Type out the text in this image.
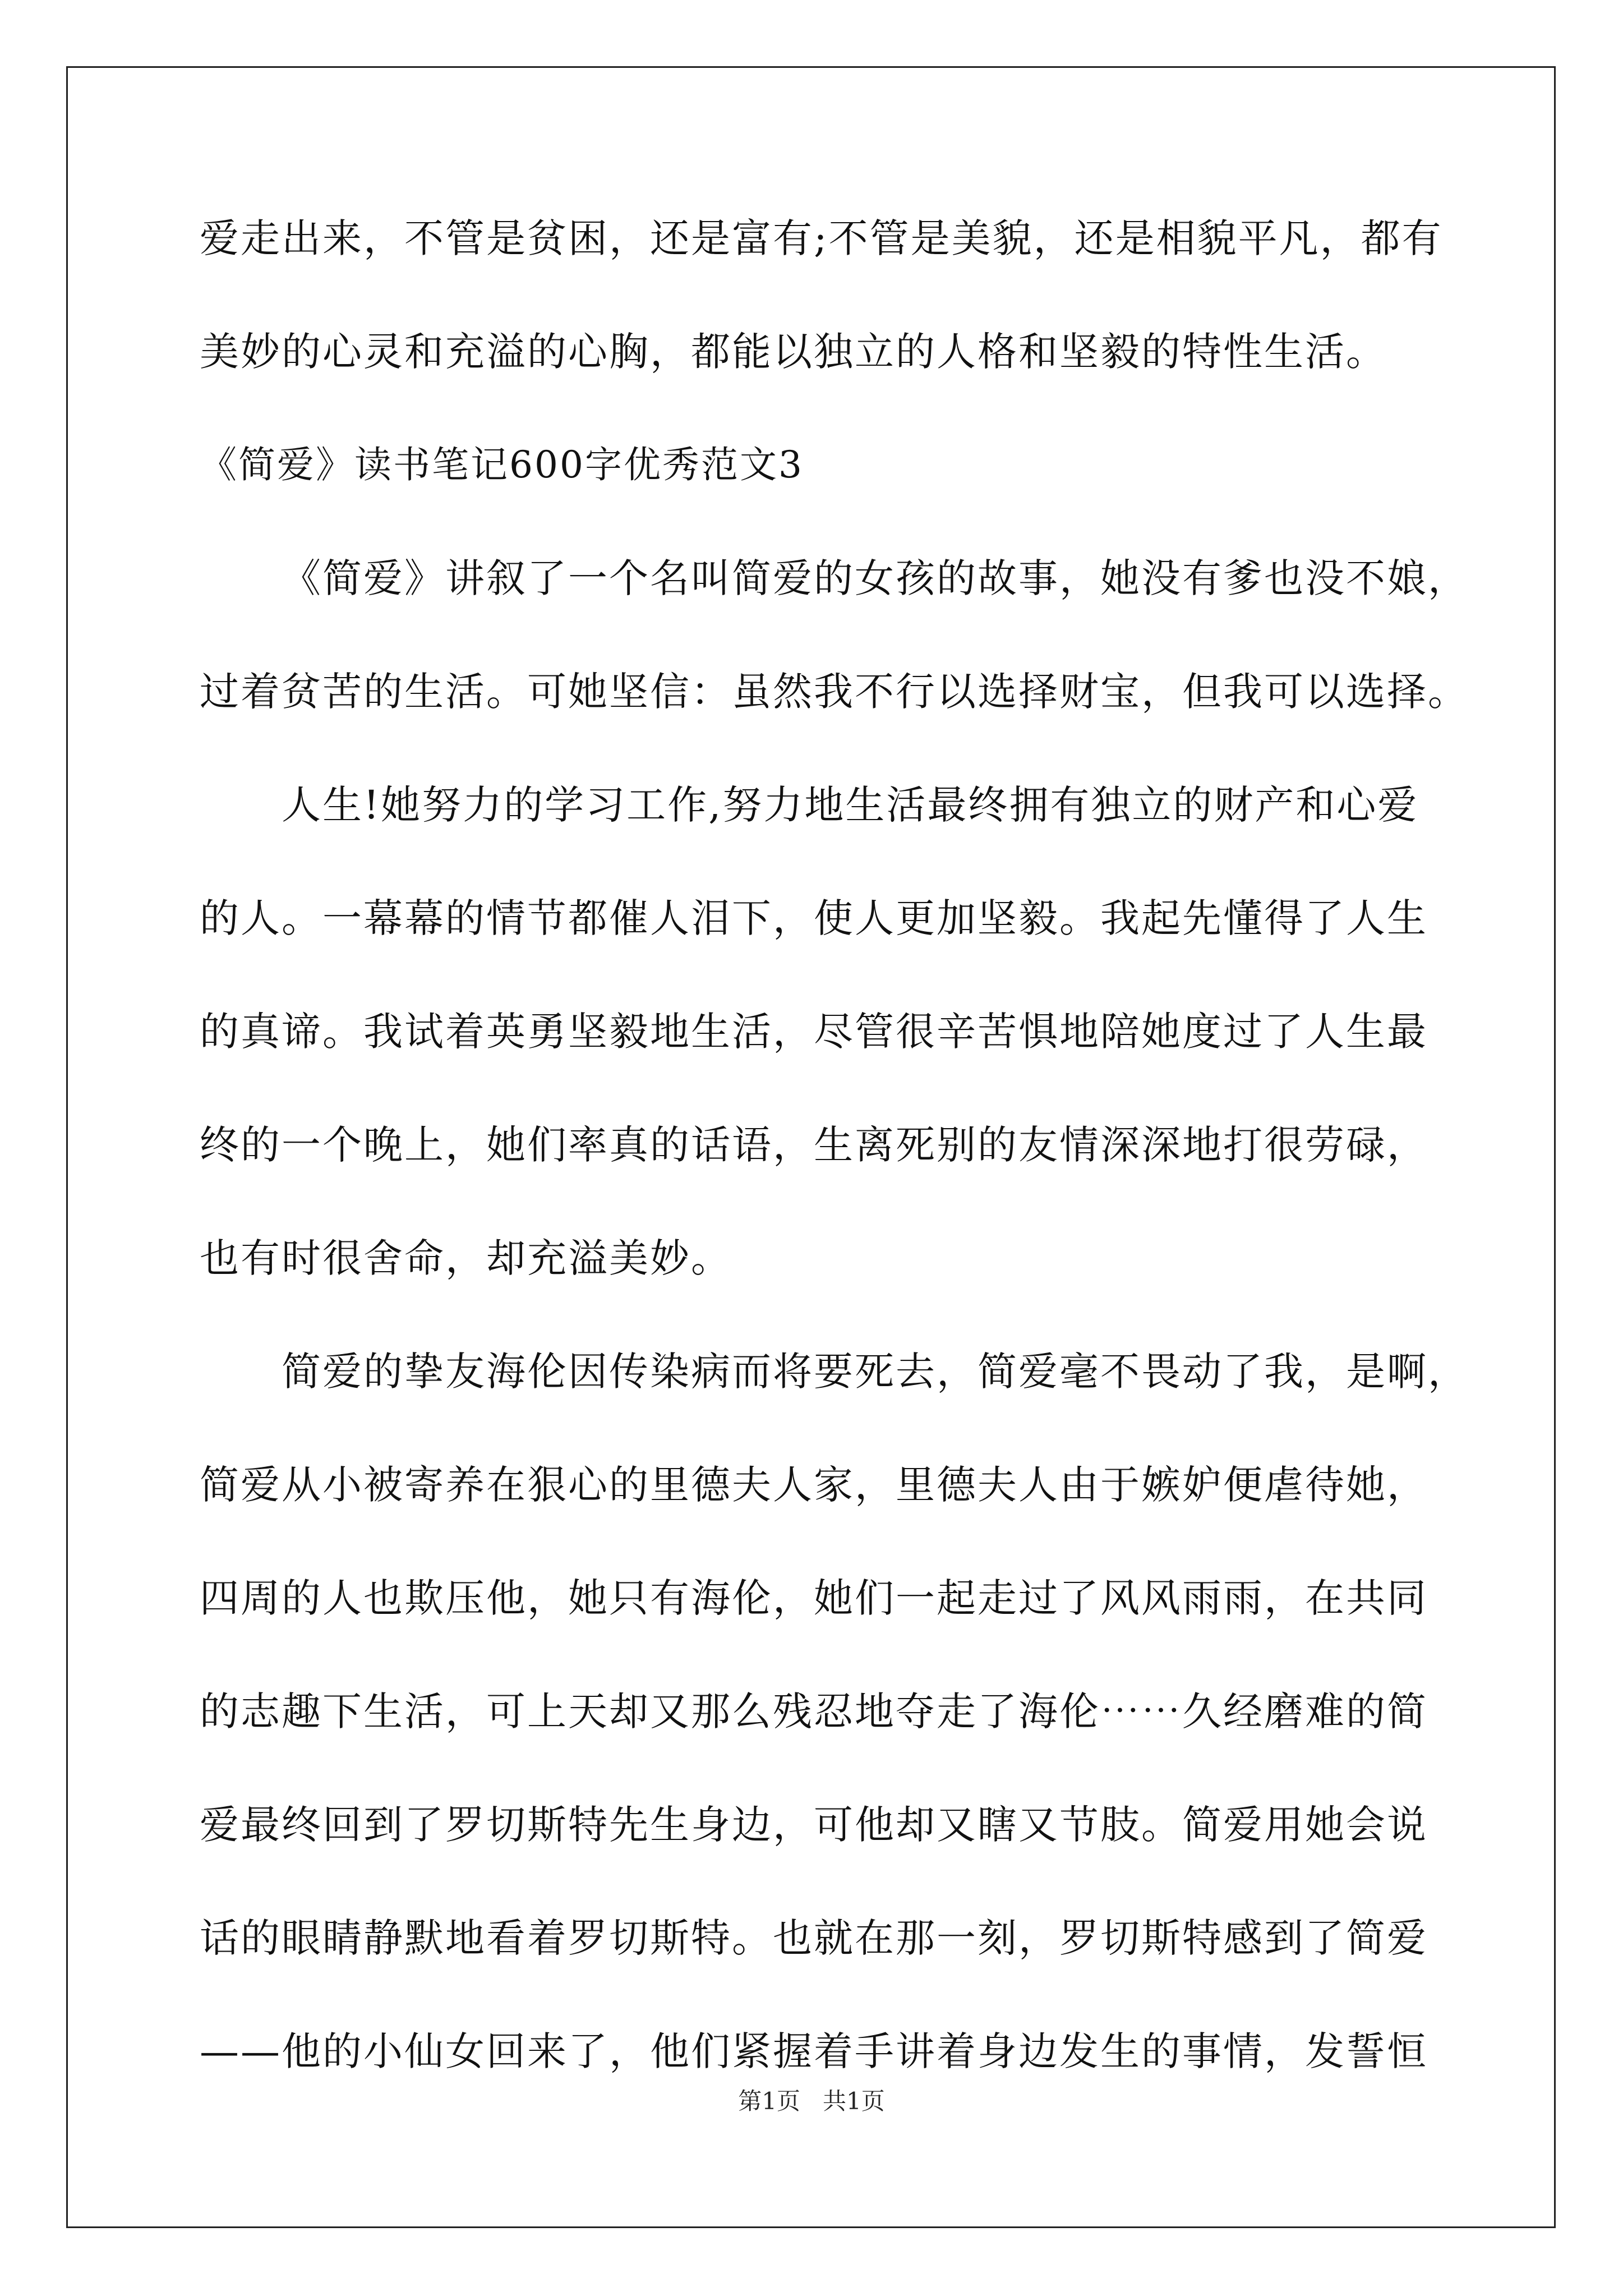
爱走出来，不管是贫困，还是富有;不管是美貌，还是相貌平凡，都有
美妙的心灵和充溢的心胸，都能以独立的人格和坚毅的特性生活。
《简爱》读书笔记600字优秀范文3
《简爱》讲叙了一个名叫简爱的女孩的故事，她没有爹也没不娘，
过着贫苦的生活。可她坚信：虽然我不行以选择财宝，但我可以选择。
人生!她努力的学习工作,努力地生活最终拥有独立的财产和心爱
的人。一幕幕的情节都催人泪下，使人更加坚毅。我起先懂得了人生
的真谛。我试着英勇坚毅地生活，尽管很辛苦惧地陪她度过了人生最
终的一个晚上，她们率真的话语，生离死别的友情深深地打很劳碌，
也有时很舍命，却充溢美妙。
简爱的挚友海伦因传染病而将要死去，简爱毫不畏动了我，是啊，
简爱从小被寄养在狠心的里德夫人家，里德夫人由于嫉妒便虐待她，
四周的人也欺压他，她只有海伦，她们一起走过了风风雨雨，在共同
的志趣下生活，可上天却又那么残忍地夺走了海伦⋯⋯久经磨难的简
爱最终回到了罗切斯特先生身边，可他却又瞎又节肢。简爱用她会说
话的眼睛静默地看着罗切斯特。也就在那一刻，罗切斯特感到了简爱
——他的小仙女回来了，他们紧握着手讲着身边发生的事情，发誓恒
第1页   共1页
